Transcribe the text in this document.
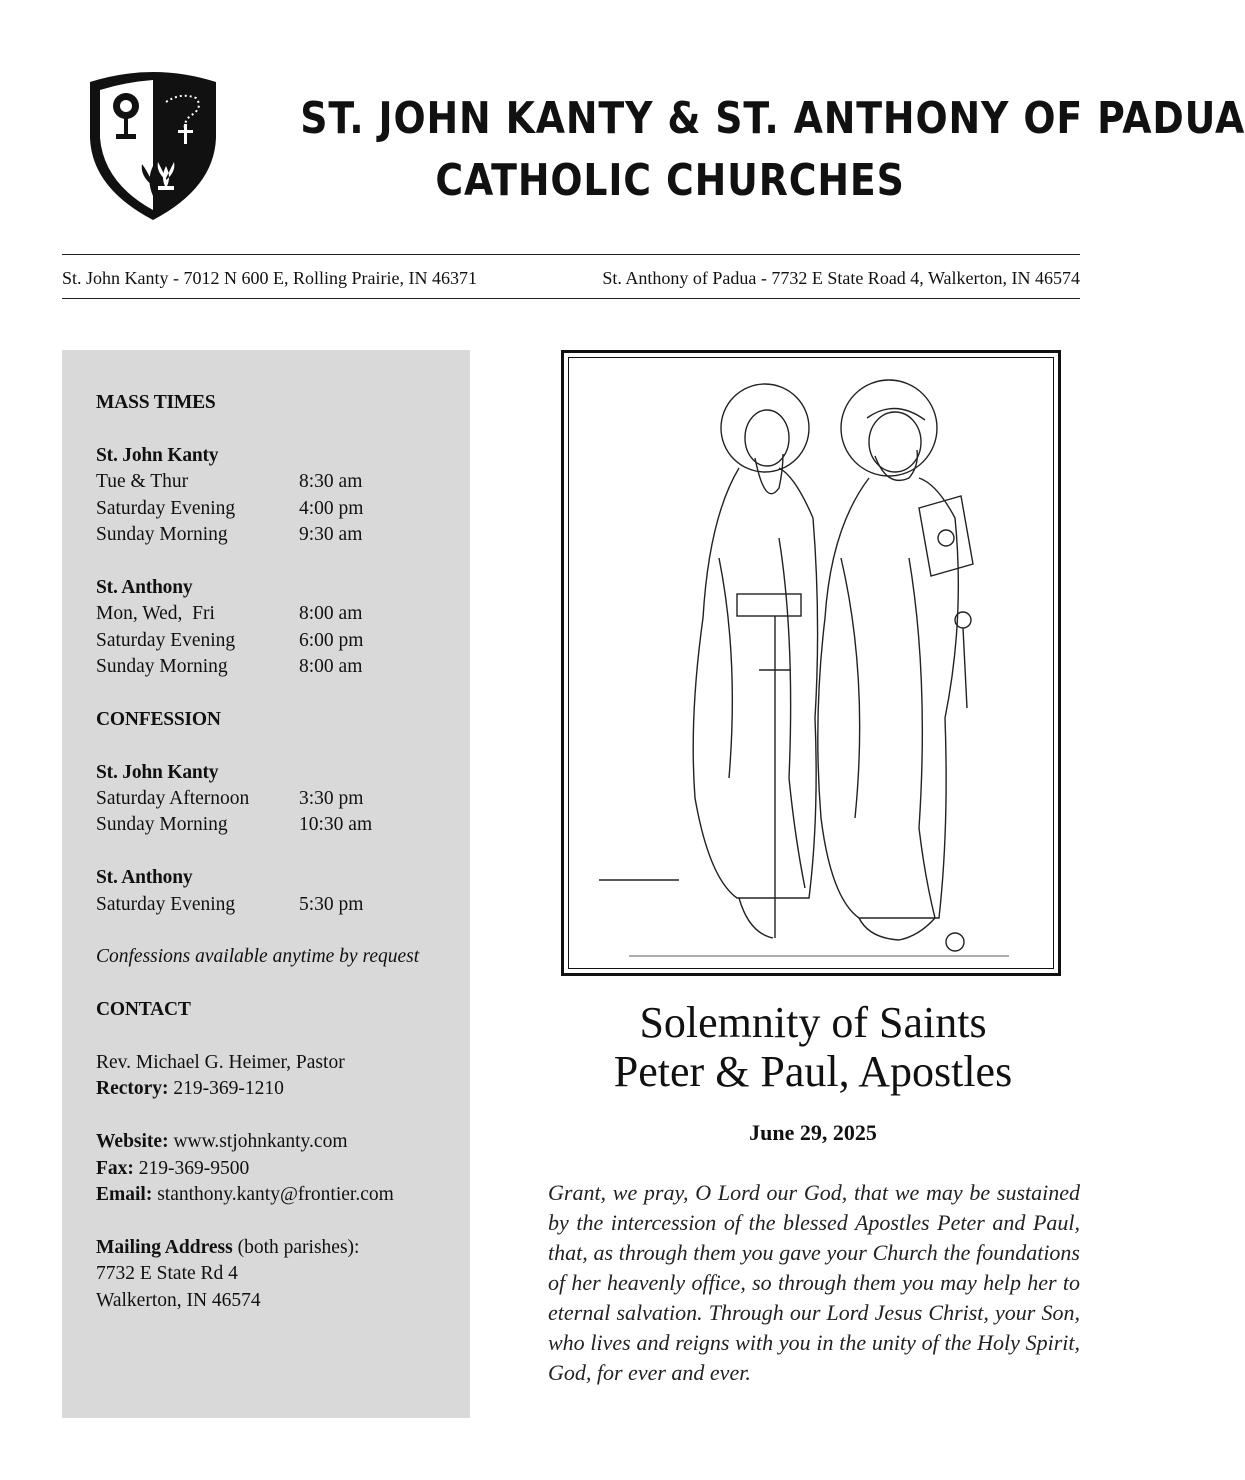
ST. JOHN KANTY & ST. ANTHONY OF PADUA
CATHOLIC CHURCHES
St. John Kanty - 7012 N 600 E, Rolling Prairie, IN 46371	St. Anthony of Padua - 7732 E State Road 4, Walkerton, IN 46574
MASS TIMES
St. John Kanty
Tue & Thur	8:30 am
Saturday Evening	4:00 pm
Sunday Morning	9:30 am
St. Anthony
Mon, Wed,  Fri	8:00 am
Saturday Evening	6:00 pm
Sunday Morning	8:00 am
CONFESSION
St. John Kanty
Saturday Afternoon	3:30 pm
Sunday Morning	10:30 am
St. Anthony
Saturday Evening	5:30 pm
Confessions available anytime by request
CONTACT
Rev. Michael G. Heimer, Pastor
Rectory: 219-369-1210
Website: www.stjohnkanty.com
Fax: 219-369-9500
Email: stanthony.kanty@frontier.com
Mailing Address (both parishes):
7732 E State Rd 4
Walkerton, IN 46574
Solemnity of Saints
Peter & Paul, Apostles
June 29, 2025
Grant, we pray, O Lord our God, that we may be sustained by the intercession of the blessed Apostles Peter and Paul, that, as through them you gave your Church the foundations of her heavenly office, so through them you may help her to eternal salvation. Through our Lord Jesus Christ, your Son, who lives and reigns with you in the unity of the Holy Spirit, God, for ever and ever.
